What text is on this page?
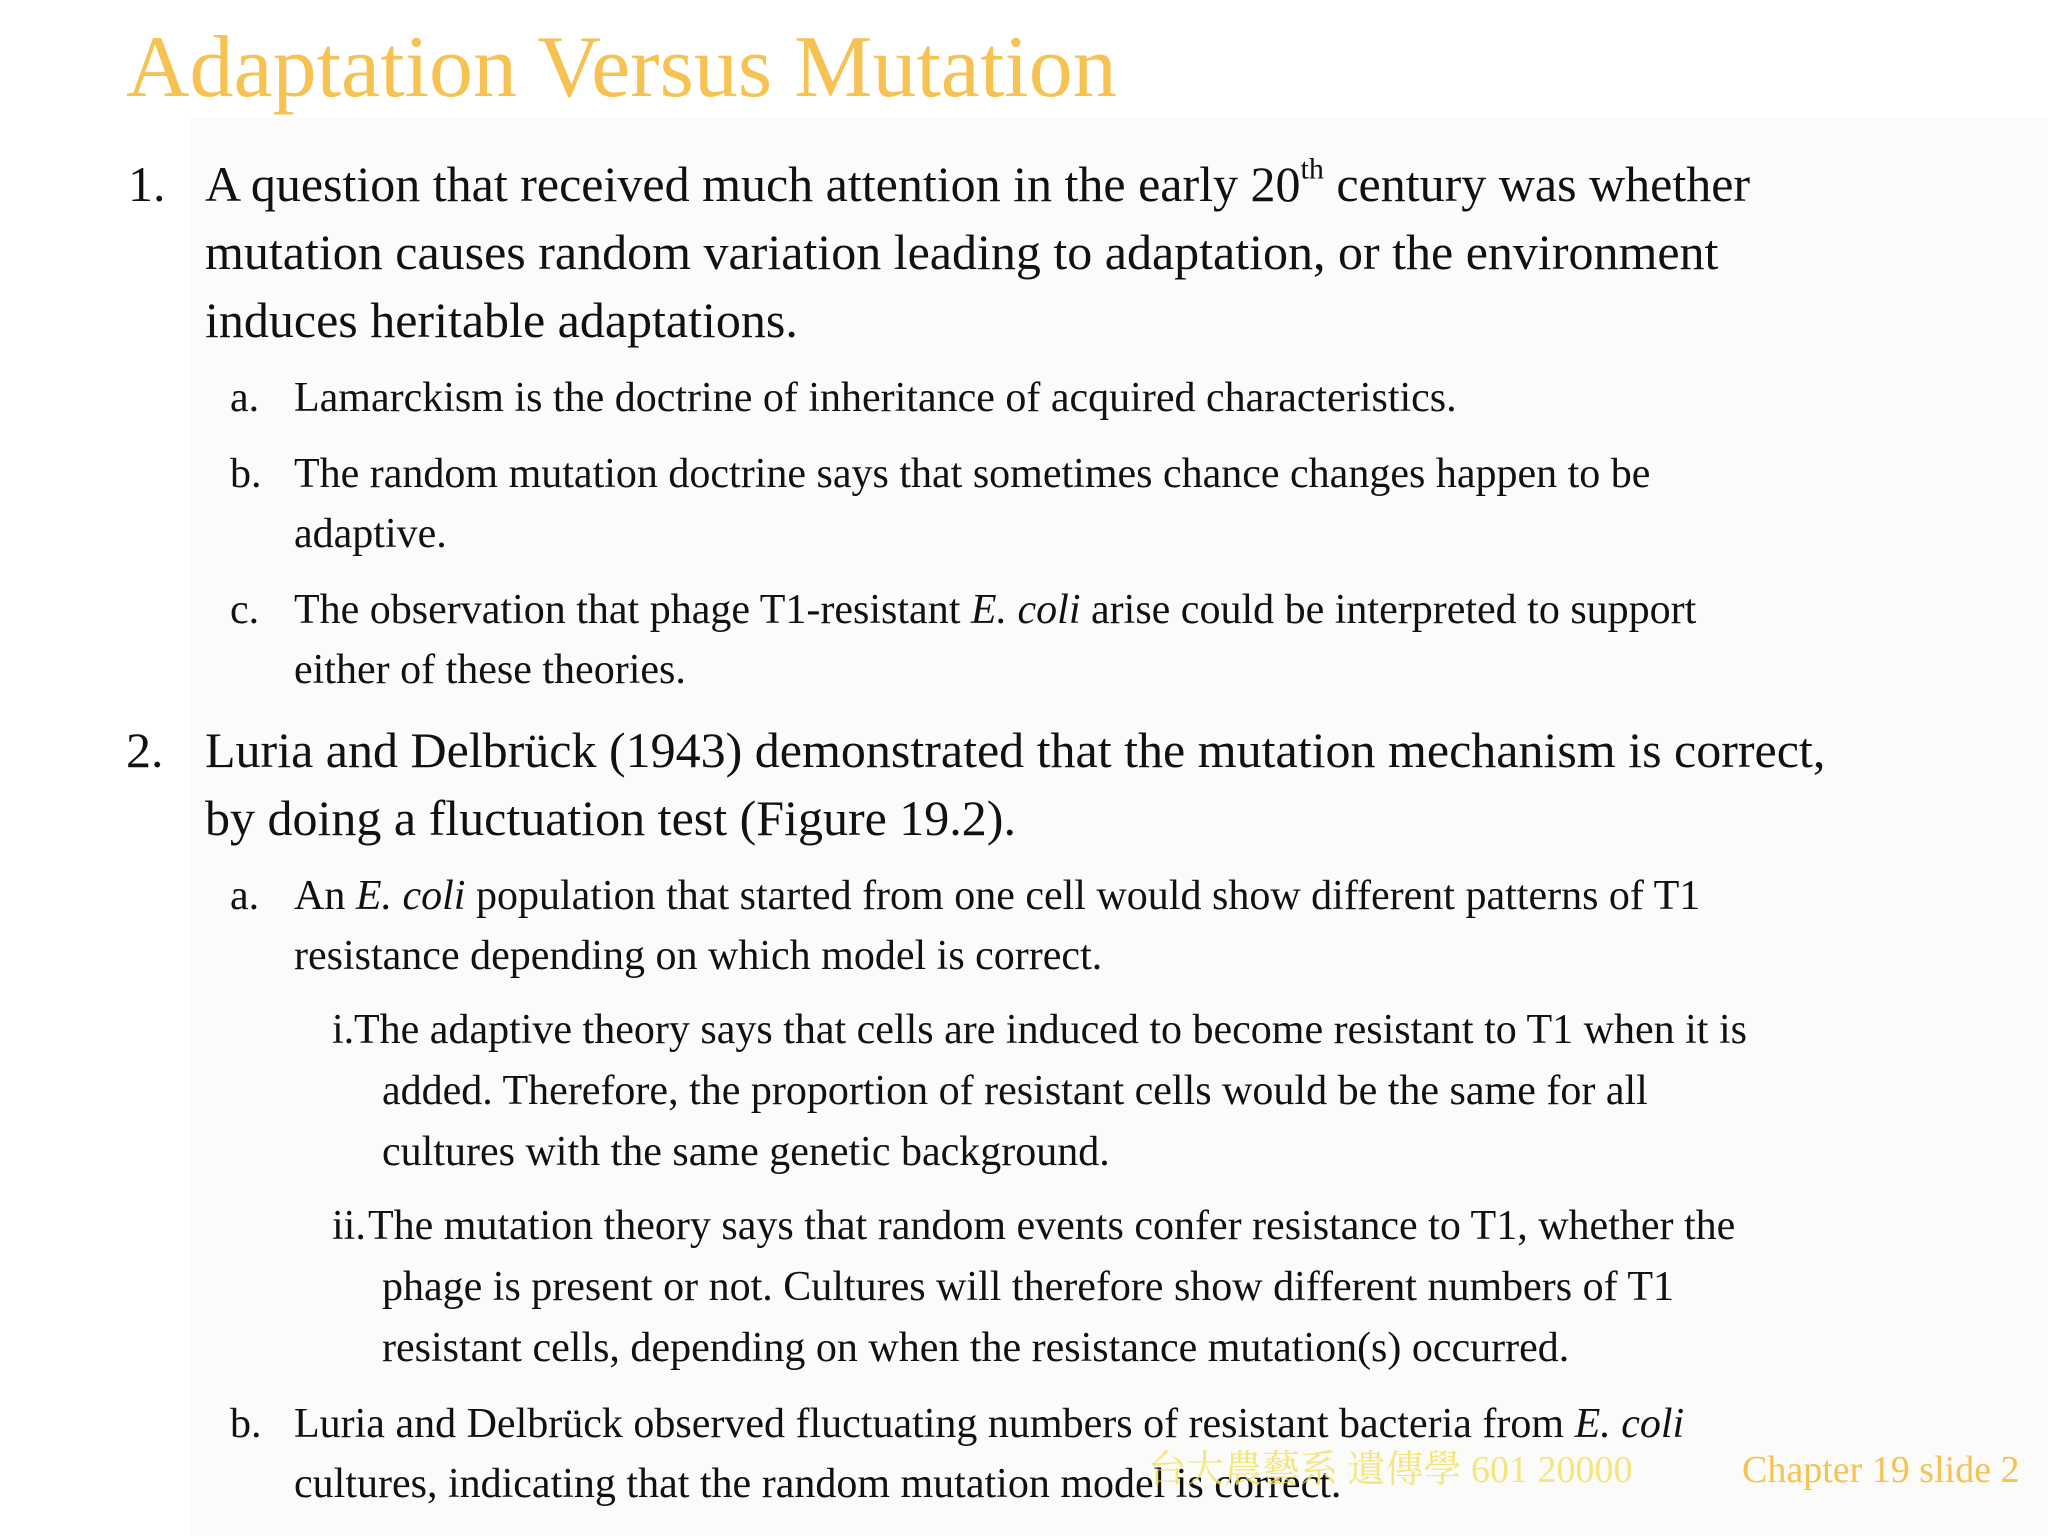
Adaptation Versus Mutation
1. A question that received much attention in the early 20th century was whether
mutation causes random variation leading to adaptation, or the environment
induces heritable adaptations.
a. Lamarckism is the doctrine of inheritance of acquired characteristics.
b. The random mutation doctrine says that sometimes chance changes happen to be
adaptive.
c. The observation that phage T1-resistant E. coli arise could be interpreted to support
either of these theories.
2. Luria and Delbrück (1943) demonstrated that the mutation mechanism is correct,
by doing a fluctuation test (Figure 19.2).
a. An E. coli population that started from one cell would show different patterns of T1
resistance depending on which model is correct.
i. The adaptive theory says that cells are induced to become resistant to T1 when it is
added. Therefore, the proportion of resistant cells would be the same for all
cultures with the same genetic background.
ii. The mutation theory says that random events confer resistance to T1, whether the
phage is present or not. Cultures will therefore show different numbers of T1
resistant cells, depending on when the resistance mutation(s) occurred.
b. Luria and Delbrück observed fluctuating numbers of resistant bacteria from E. coli
cultures, indicating that the random mutation model is correct.
台大農藝系 遺傳學 601 20000	Chapter 19 slide 2
